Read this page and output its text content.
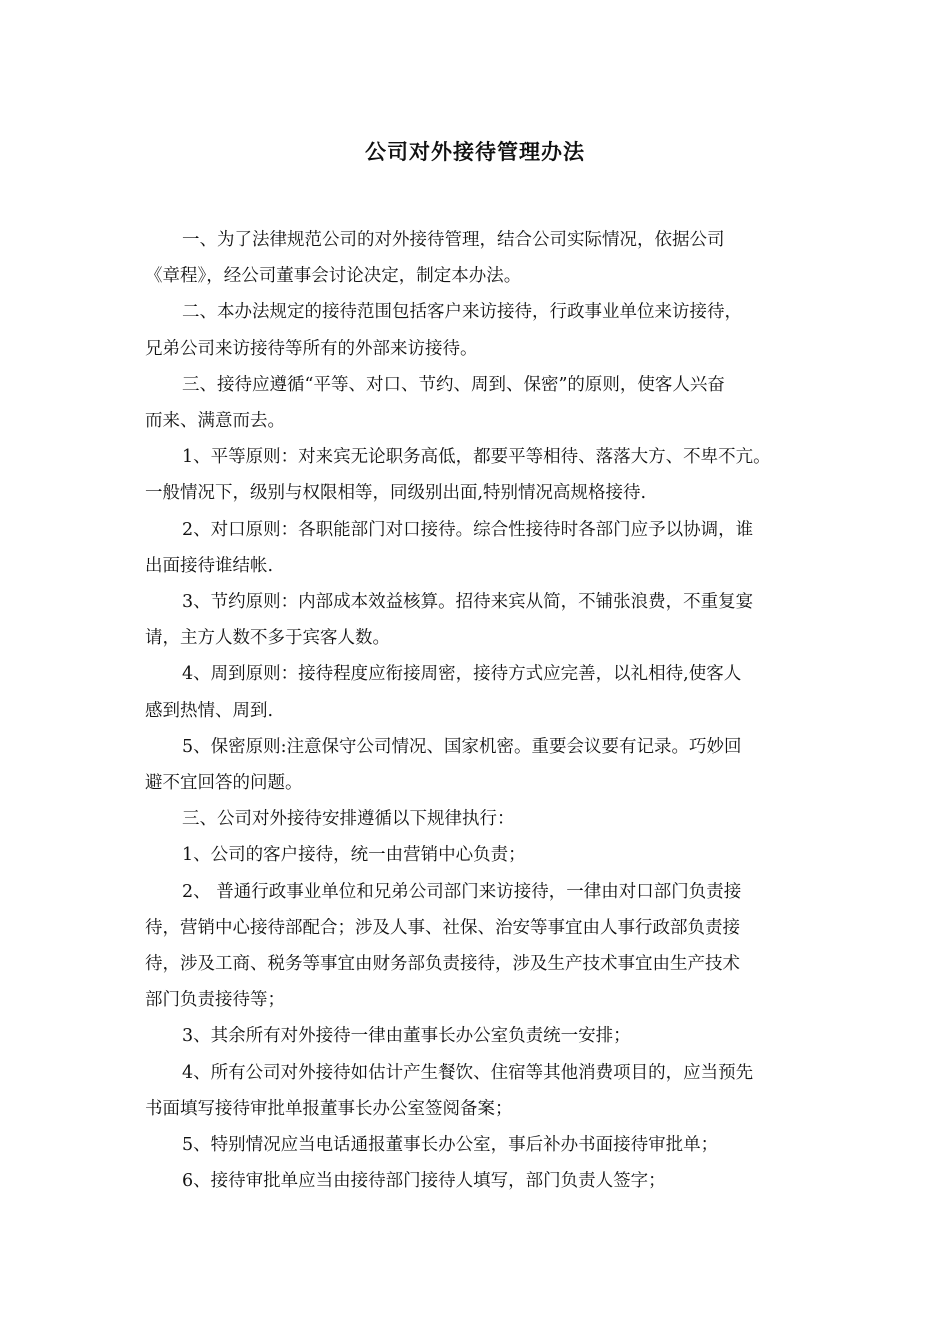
公司对外接待管理办法

一、为了法律规范公司的对外接待管理，结合公司实际情况，依据公司
《章程》，经公司董事会讨论决定，制定本办法。

二、本办法规定的接待范围包括客户来访接待，行政事业单位来访接待，
兄弟公司来访接待等所有的外部来访接待。

三、接待应遵循“平等、对口、节约、周到、保密”的原则，使客人兴奋
而来、满意而去。

1、平等原则：对来宾无论职务高低，都要平等相待、落落大方、不卑不亢。
一般情况下，级别与权限相等，同级别出面,特别情况高规格接待.

2、对口原则：各职能部门对口接待。综合性接待时各部门应予以协调，谁
出面接待谁结帐.

3、节约原则：内部成本效益核算。招待来宾从简，不铺张浪费，不重复宴
请，主方人数不多于宾客人数。

4、周到原则：接待程度应衔接周密，接待方式应完善，以礼相待,使客人
感到热情、周到.

5、保密原则:注意保守公司情况、国家机密。重要会议要有记录。巧妙回
避不宜回答的问题。

三、公司对外接待安排遵循以下规律执行：

1、公司的客户接待，统一由营销中心负责；

2、 普通行政事业单位和兄弟公司部门来访接待，一律由对口部门负责接
待，营销中心接待部配合；涉及人事、社保、治安等事宜由人事行政部负责接
待，涉及工商、税务等事宜由财务部负责接待，涉及生产技术事宜由生产技术
部门负责接待等；

3、其余所有对外接待一律由董事长办公室负责统一安排；

4、所有公司对外接待如估计产生餐饮、住宿等其他消费项目的，应当预先
书面填写接待审批单报董事长办公室签阅备案；

5、特别情况应当电话通报董事长办公室，事后补办书面接待审批单；

6、接待审批单应当由接待部门接待人填写，部门负责人签字；
